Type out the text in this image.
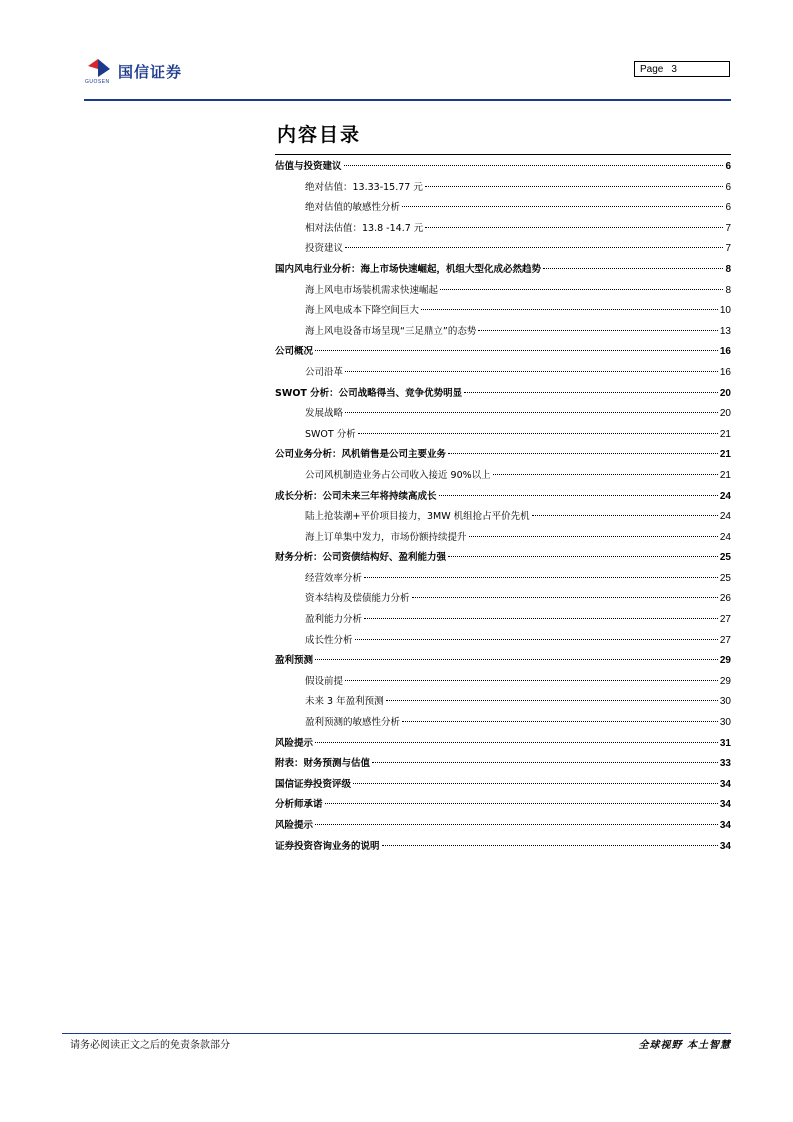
国信证券
GUOSEN
Page 3
内容目录
估值与投资建议	6
绝对估值：13.33-15.77 元	6
绝对估值的敏感性分析	6
相对法估值：13.8 -14.7 元	7
投资建议	7
国内风电行业分析：海上市场快速崛起，机组大型化成必然趋势	8
海上风电市场装机需求快速崛起	8
海上风电成本下降空间巨大	10
海上风电设备市场呈现“三足鼎立”的态势	13
公司概况	16
公司沿革	16
SWOT 分析：公司战略得当、竞争优势明显	20
发展战略	20
SWOT 分析	21
公司业务分析：风机销售是公司主要业务	21
公司风机制造业务占公司收入接近 90%以上	21
成长分析：公司未来三年将持续高成长	24
陆上抢装潮+平价项目接力，3MW 机组抢占平价先机	24
海上订单集中发力，市场份额持续提升	24
财务分析：公司资债结构好、盈利能力强	25
经营效率分析	25
资本结构及偿债能力分析	26
盈利能力分析	27
成长性分析	27
盈利预测	29
假设前提	29
未来 3 年盈利预测	30
盈利预测的敏感性分析	30
风险提示	31
附表：财务预测与估值	33
国信证券投资评级	34
分析师承诺	34
风险提示	34
证券投资咨询业务的说明	34
请务必阅读正文之后的免责条款部分	全球视野 本土智慧
